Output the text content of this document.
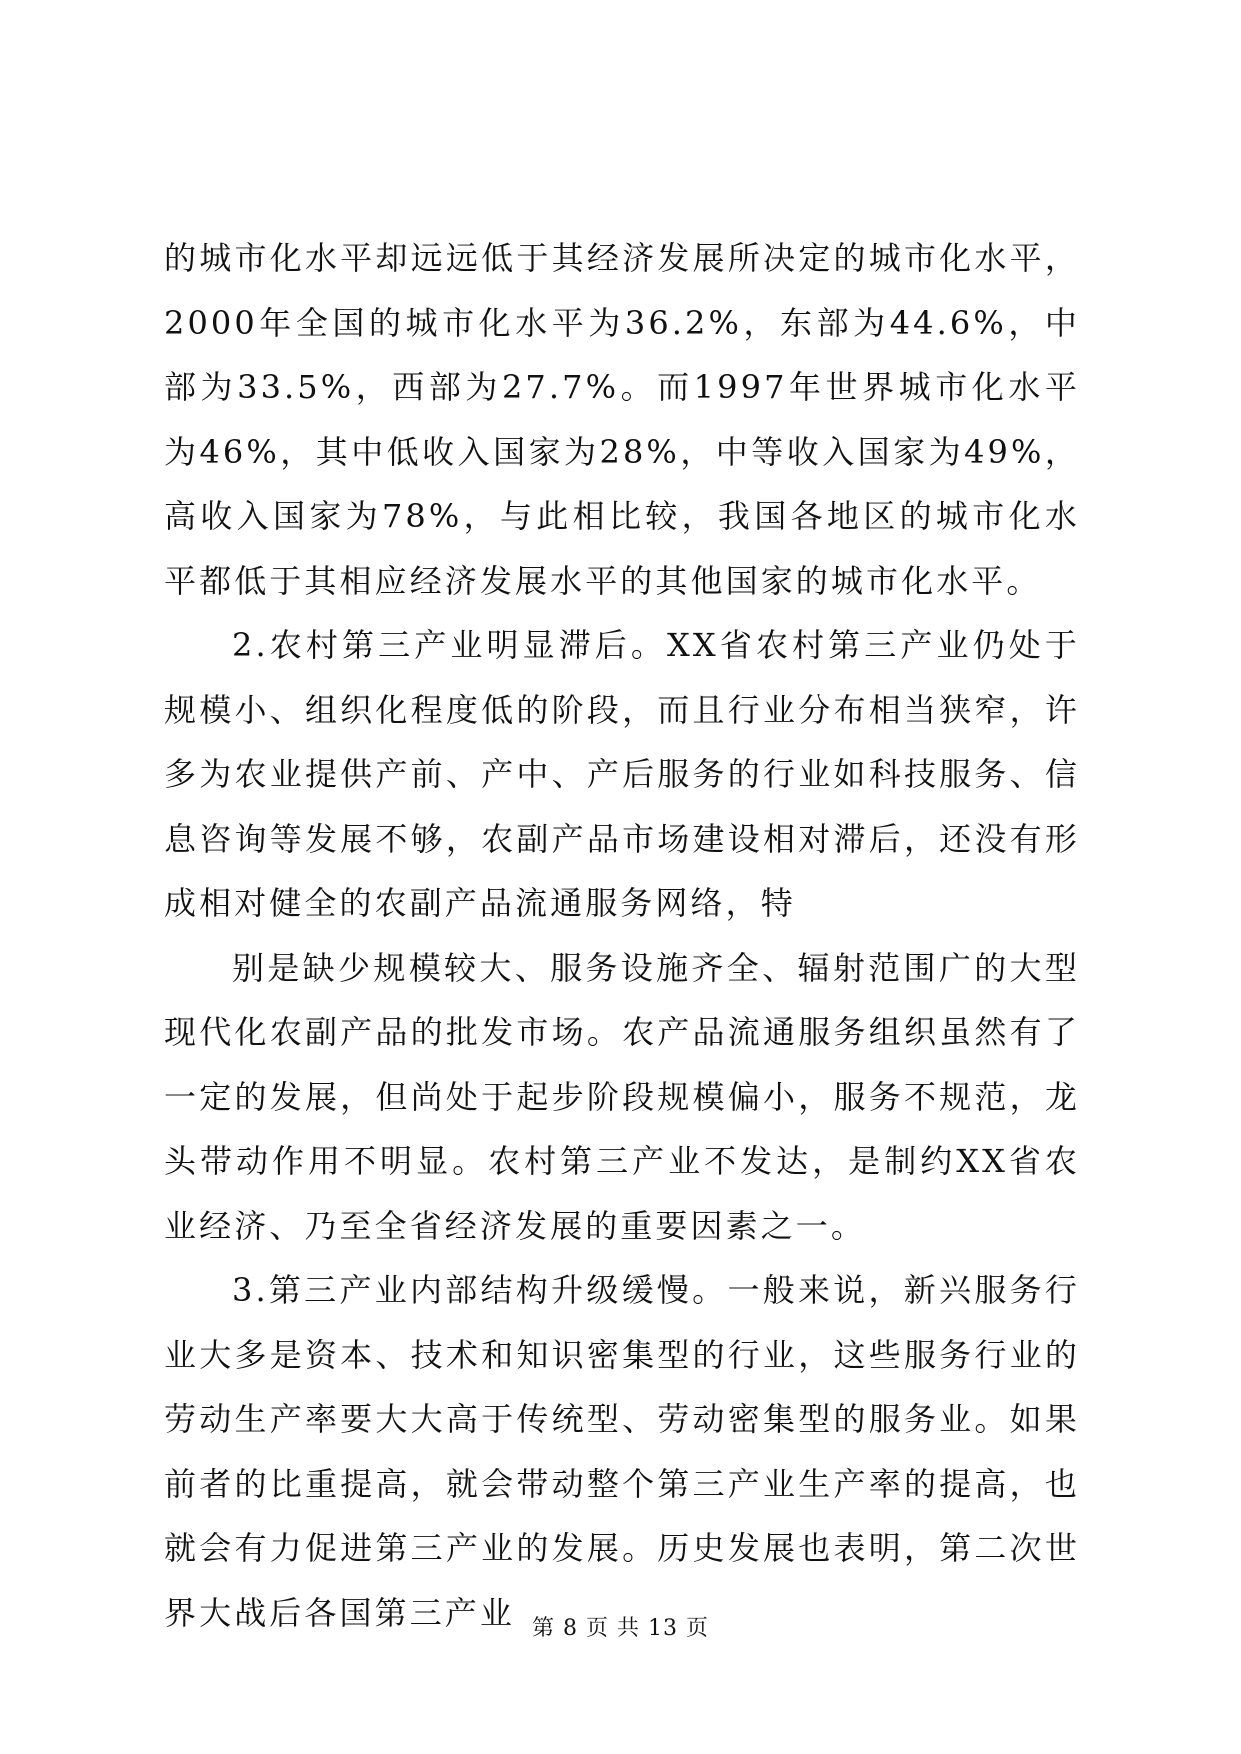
的城市化水平却远远低于其经济发展所决定的城市化水平，2000年全国的城市化水平为36.2%，东部为44.6%，中部为33.5%，西部为27.7%。而1997年世界城市化水平为46%，其中低收入国家为28%，中等收入国家为49%，高收入国家为78%，与此相比较，我国各地区的城市化水平都低于其相应经济发展水平的其他国家的城市化水平。

2.农村第三产业明显滞后。XX省农村第三产业仍处于规模小、组织化程度低的阶段，而且行业分布相当狭窄，许多为农业提供产前、产中、产后服务的行业如科技服务、信息咨询等发展不够，农副产品市场建设相对滞后，还没有形成相对健全的农副产品流通服务网络，特

别是缺少规模较大、服务设施齐全、辐射范围广的大型现代化农副产品的批发市场。农产品流通服务组织虽然有了一定的发展，但尚处于起步阶段规模偏小，服务不规范，龙头带动作用不明显。农村第三产业不发达，是制约XX省农业经济、乃至全省经济发展的重要因素之一。

3.第三产业内部结构升级缓慢。一般来说，新兴服务行业大多是资本、技术和知识密集型的行业，这些服务行业的劳动生产率要大大高于传统型、劳动密集型的服务业。如果前者的比重提高，就会带动整个第三产业生产率的提高，也就会有力促进第三产业的发展。历史发展也表明，第二次世界大战后各国第三产业 第 8 页 共 13 页
